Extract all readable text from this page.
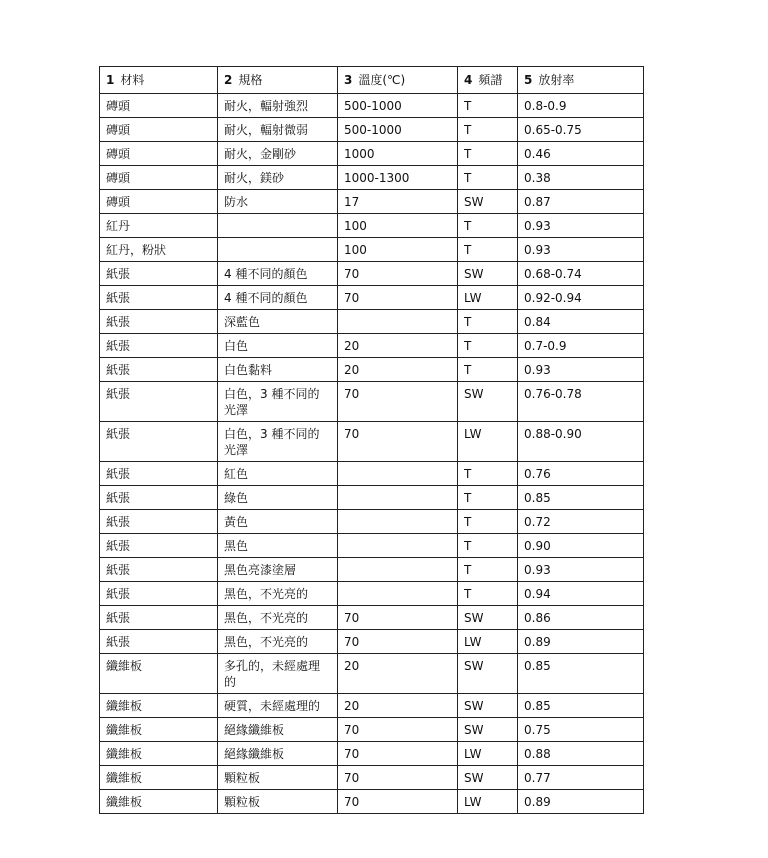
1 材料	2 規格	3 溫度(℃)	4 頻譜	5 放射率
磚頭	耐火，輻射強烈	500-1000	T	0.8-0.9
磚頭	耐火，輻射微弱	500-1000	T	0.65-0.75
磚頭	耐火，金剛砂	1000	T	0.46
磚頭	耐火，鎂砂	1000-1300	T	0.38
磚頭	防水	17	SW	0.87
紅丹		100	T	0.93
紅丹，粉狀		100	T	0.93
紙張	4 種不同的顏色	70	SW	0.68-0.74
紙張	4 種不同的顏色	70	LW	0.92-0.94
紙張	深藍色		T	0.84
紙張	白色	20	T	0.7-0.9
紙張	白色黏料	20	T	0.93
紙張	白色，3 種不同的光澤	70	SW	0.76-0.78
紙張	白色，3 種不同的光澤	70	LW	0.88-0.90
紙張	紅色		T	0.76
紙張	綠色		T	0.85
紙張	黃色		T	0.72
紙張	黑色		T	0.90
紙張	黑色亮漆塗層		T	0.93
紙張	黑色，不光亮的		T	0.94
紙張	黑色，不光亮的	70	SW	0.86
紙張	黑色，不光亮的	70	LW	0.89
纖維板	多孔的，未經處理的	20	SW	0.85
纖維板	硬質，未經處理的	20	SW	0.85
纖維板	絕緣纖維板	70	SW	0.75
纖維板	絕緣纖維板	70	LW	0.88
纖維板	顆粒板	70	SW	0.77
纖維板	顆粒板	70	LW	0.89
